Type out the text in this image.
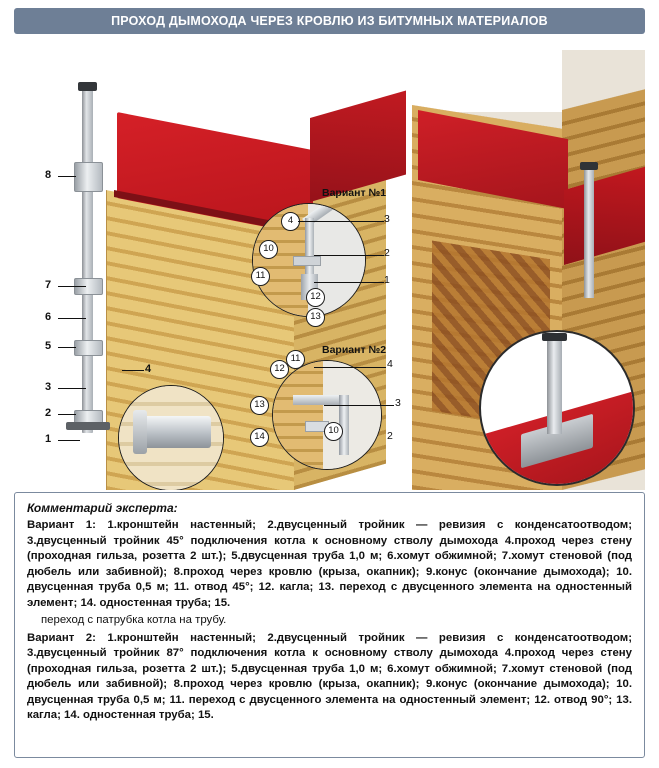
ПРОХОД ДЫМОХОДА ЧЕРЕЗ КРОВЛЮ ИЗ БИТУМНЫХ МАТЕРИАЛОВ
8
7
6
5
3
2
1
4
Вариант №1
4	3
10	2
11	1
12
13
Вариант №2
12
11	4
13	3
10
14	2
Комментарий эксперта:

Вариант 1: 1.кронштейн настенный; 2.двусценный тройник — ревизия с конденсатоотводом; 3.двусценный тройник 45° подключения котла к основному стволу дымохода 4.проход через стену (проходная гильза, розетта 2 шт.); 5.двусценная труба 1,0 м; 6.хомут обжимной; 7.хомут стеновой (под дюбель или забивной); 8.проход через кровлю (крыза, окапник); 9.конус (окончание дымохода); 10. двусценная труба 0,5 м; 11. отвод 45°; 12. кагла; 13. переход с двусценного элемента на одностенный элемент; 14. одностенная труба; 15.

переход с патрубка котла на трубу.

Вариант 2: 1.кронштейн настенный; 2.двусценный тройник — ревизия с конденсатоотводом; 3.двусценный тройник 87° подключения котла к основному стволу дымохода 4.проход через стену (проходная гильза, розетта 2 шт.); 5.двусценная труба 1,0 м; 6.хомут обжимной; 7.хомут стеновой (под дюбель или забивной); 8.проход через кровлю (крыза, окапник); 9.конус (окончание дымохода); 10. двусценная труба 0,5 м; 11. переход с двусценного элемента на одностенный элемент; 12. отвод 90°; 13. кагла; 14. одностенная труба; 15.
